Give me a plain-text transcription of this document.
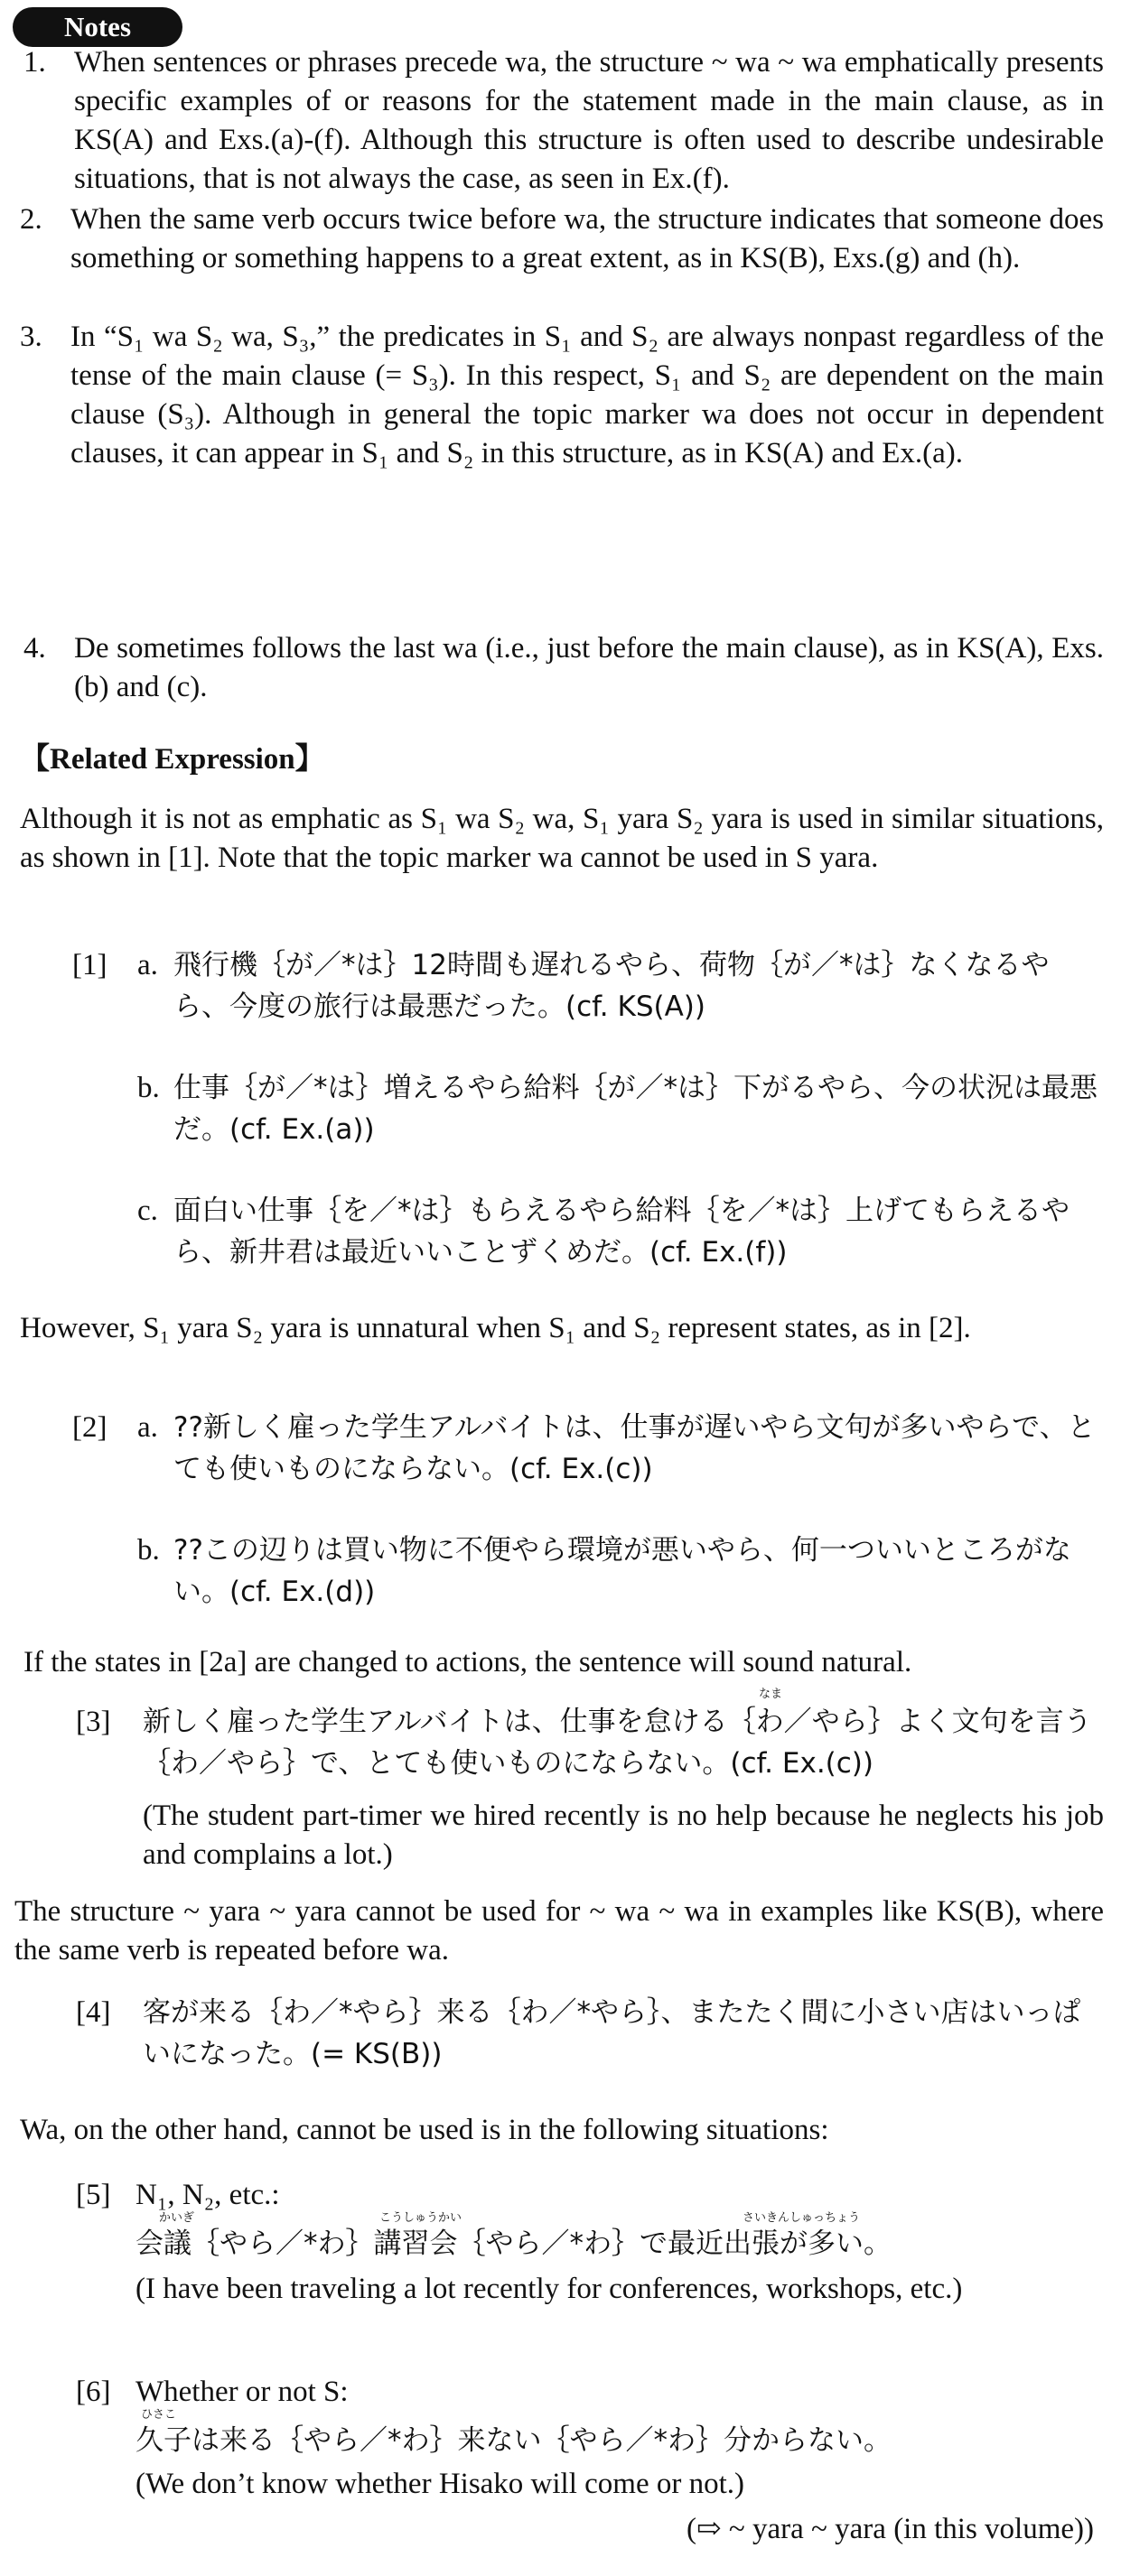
Notes
1. When sentences or phrases precede wa, the structure ~ wa ~ wa emphatically presents specific examples of or reasons for the statement made in the main clause, as in KS(A) and Exs.(a)-(f). Although this structure is often used to describe undesirable situations, that is not always the case, as seen in Ex.(f).
2. When the same verb occurs twice before wa, the structure indicates that someone does something or something happens to a great extent, as in KS(B), Exs.(g) and (h).
3. In “S₁ wa S₂ wa, S₃,” the predicates in S₁ and S₂ are always nonpast regardless of the tense of the main clause (= S₃). In this respect, S₁ and S₂ are dependent on the main clause (S₃). Although in general the topic marker wa does not occur in dependent clauses, it can appear in S₁ and S₂ in this structure, as in KS(A) and Ex.(a).
4. De sometimes follows the last wa (i.e., just before the main clause), as in KS(A), Exs.(b) and (c).
【Related Expression】
Although it is not as emphatic as S₁ wa S₂ wa, S₁ yara S₂ yara is used in similar situations, as shown in [1]. Note that the topic marker wa cannot be used in S yara.
[1] a. 飛行機｛が／*は｝12時間も遅れるやら、荷物｛が／*は｝なくなるやら、今度の旅行は最悪だった。(cf. KS(A))
b. 仕事｛が／*は｝増えるやら給料｛が／*は｝下がるやら、今の状況は最悪だ。(cf. Ex.(a))
c. 面白い仕事｛を／*は｝もらえるやら給料｛を／*は｝上げてもらえるやら、新井君は最近いいことずくめだ。(cf. Ex.(f))
However, S₁ yara S₂ yara is unnatural when S₁ and S₂ represent states, as in [2].
[2] a. ??新しく雇った学生アルバイトは、仕事が遅いやら文句が多いやらで、とても使いものにならない。(cf. Ex.(c))
b. ??この辺りは買い物に不便やら環境が悪いやら、何一ついいところがない。(cf. Ex.(d))
If the states in [2a] are changed to actions, the sentence will sound natural.
[3]
なま
新しく雇った学生アルバイトは、仕事を怠ける｛わ／やら｝よく文句を言う｛わ／やら｝で、とても使いものにならない。(cf. Ex.(c))
(The student part-timer we hired recently is no help because he neglects his job and complains a lot.)
The structure ~ yara ~ yara cannot be used for ~ wa ~ wa in examples like KS(B), where the same verb is repeated before wa.
[4] 客が来る｛わ／*やら｝来る｛わ／*やら｝、またたく間に小さい店はいっぱいになった。(= KS(B))
Wa, on the other hand, cannot be used is in the following situations:
[5] N₁, N₂, etc.:
かいぎ	こうしゅうかい	さいきんしゅっちょう
会議｛やら／*わ｝講習会｛やら／*わ｝で最近出張が多い。
(I have been traveling a lot recently for conferences, workshops, etc.)
[6] Whether or not S:
ひさこ
久子は来る｛やら／*わ｝来ない｛やら／*わ｝分からない。
(We don’t know whether Hisako will come or not.)
(⇨ ~ yara ~ yara (in this volume))
